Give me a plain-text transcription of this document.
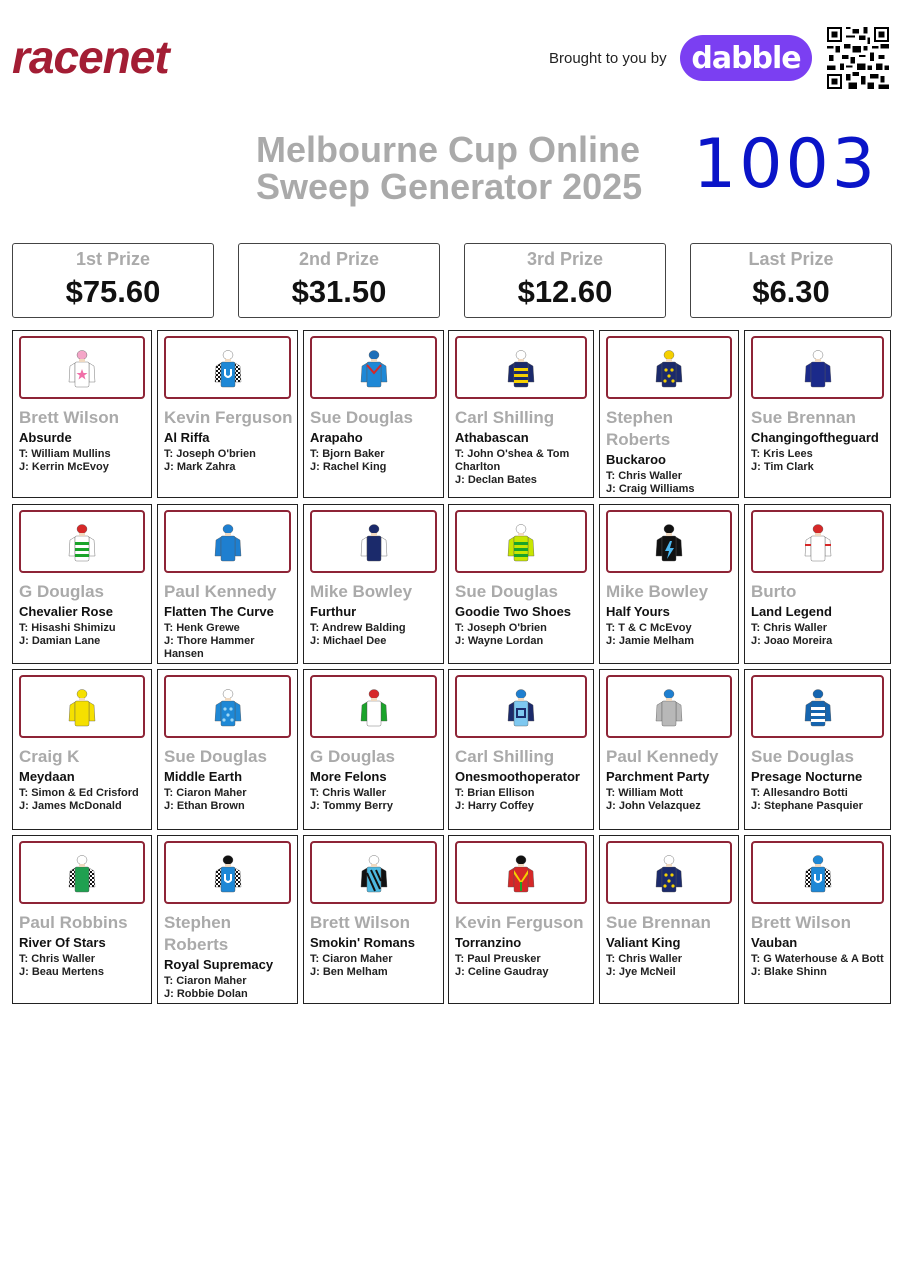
racenet	Brought to you by dabble
Melbourne Cup Online
Sweep Generator 2025 1003
1st Prize
$75.60
2nd Prize
$31.50
3rd Prize
$12.60
Last Prize
$6.30
Brett Wilson
Absurde
T: William Mullins
J: Kerrin McEvoy
Kevin Ferguson
Al Riffa
T: Joseph O'brien
J: Mark Zahra
Sue Douglas
Arapaho
T: Bjorn Baker
J: Rachel King
Carl Shilling
Athabascan
T: John O'shea & Tom Charlton
J: Declan Bates
Stephen Roberts
Buckaroo
T: Chris Waller
J: Craig Williams
Sue Brennan
Changingoftheguard
T: Kris Lees
J: Tim Clark
G Douglas
Chevalier Rose
T: Hisashi Shimizu
J: Damian Lane
Paul Kennedy
Flatten The Curve
T: Henk Grewe
J: Thore Hammer Hansen
Mike Bowley
Furthur
T: Andrew Balding
J: Michael Dee
Sue Douglas
Goodie Two Shoes
T: Joseph O'brien
J: Wayne Lordan
Mike Bowley
Half Yours
T: T & C McEvoy
J: Jamie Melham
Burto
Land Legend
T: Chris Waller
J: Joao Moreira
Craig K
Meydaan
T: Simon & Ed Crisford
J: James McDonald
Sue Douglas
Middle Earth
T: Ciaron Maher
J: Ethan Brown
G Douglas
More Felons
T: Chris Waller
J: Tommy Berry
Carl Shilling
Onesmoothoperator
T: Brian Ellison
J: Harry Coffey
Paul Kennedy
Parchment Party
T: William Mott
J: John Velazquez
Sue Douglas
Presage Nocturne
T: Allesandro Botti
J: Stephane Pasquier
Paul Robbins
River Of Stars
T: Chris Waller
J: Beau Mertens
Stephen Roberts
Royal Supremacy
T: Ciaron Maher
J: Robbie Dolan
Brett Wilson
Smokin' Romans
T: Ciaron Maher
J: Ben Melham
Kevin Ferguson
Torranzino
T: Paul Preusker
J: Celine Gaudray
Sue Brennan
Valiant King
T: Chris Waller
J: Jye McNeil
Brett Wilson
Vauban
T: G Waterhouse & A Bott
J: Blake Shinn
